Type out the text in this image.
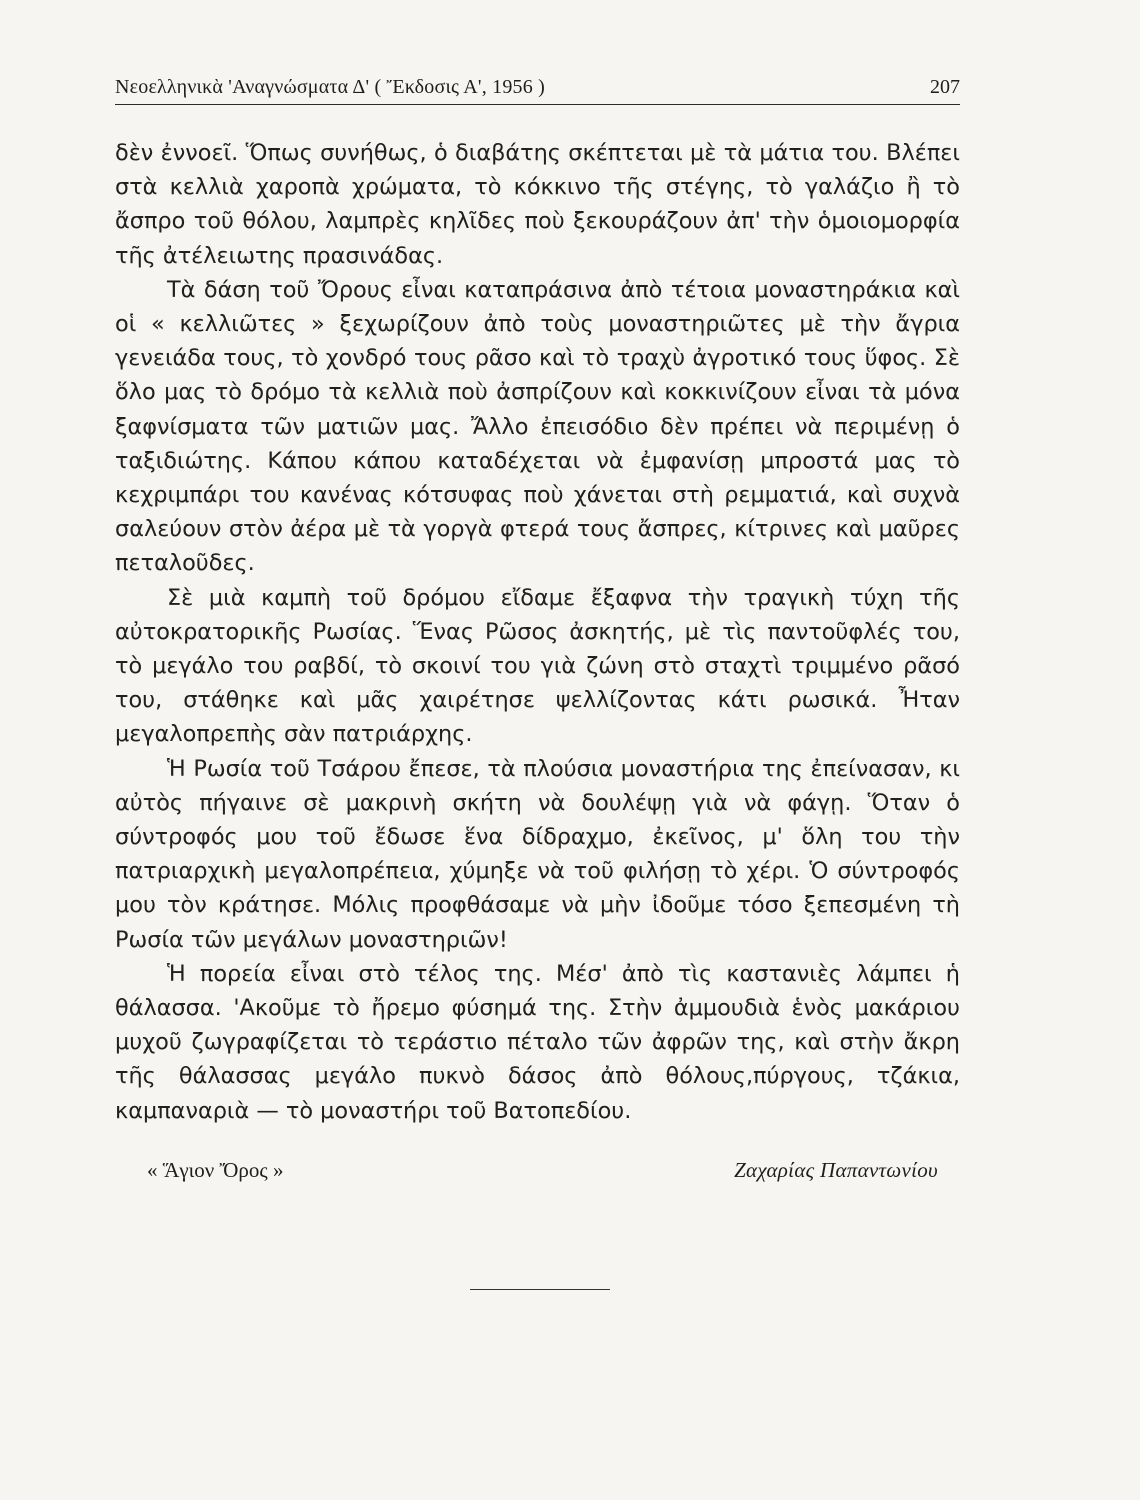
Νεοελληνικὰ 'Αναγνώσματα Δ' ( Ἔκδοσις Α', 1956 )	207

δὲν ἐννοεῖ. Ὅπως συνήθως, ὁ διαβάτης σκέπτεται μὲ τὰ μάτια του. Βλέπει στὰ κελλιὰ χαροπὰ χρώματα, τὸ κόκκινο τῆς στέγης, τὸ γαλάζιο ἢ τὸ ἄσπρο τοῦ θόλου, λαμπρὲς κηλῖδες ποὺ ξεκουράζουν ἀπ' τὴν ὁμοιομορφία τῆς ἀτέλειωτης πρασινάδας.

Τὰ δάση τοῦ Ὄρους εἶναι καταπράσινα ἀπὸ τέτοια μοναστηράκια καὶ οἱ « κελλιῶτες » ξεχωρίζουν ἀπὸ τοὺς μοναστηριῶτες μὲ τὴν ἄγρια γενειάδα τους, τὸ χονδρό τους ρᾶσο καὶ τὸ τραχὺ ἀγροτικό τους ὕφος. Σὲ ὅλο μας τὸ δρόμο τὰ κελλιὰ ποὺ ἀσπρίζουν καὶ κοκκινίζουν εἶναι τὰ μόνα ξαφνίσματα τῶν ματιῶν μας. Ἄλλο ἐπεισόδιο δὲν πρέπει νὰ περιμένῃ ὁ ταξιδιώτης. Κάπου κάπου καταδέχεται νὰ ἐμφανίσῃ μπροστά μας τὸ κεχριμπάρι του κανένας κότσυφας ποὺ χάνεται στὴ ρεμματιά, καὶ συχνὰ σαλεύουν στὸν ἀέρα μὲ τὰ γοργὰ φτερά τους ἄσπρες, κίτρινες καὶ μαῦρες πεταλοῦδες.

Σὲ μιὰ καμπὴ τοῦ δρόμου εἴδαμε ἔξαφνα τὴν τραγικὴ τύχη τῆς αὐτοκρατορικῆς Ρωσίας. Ἕνας Ρῶσος ἀσκητής, μὲ τὶς παντοῦφλές του, τὸ μεγάλο του ραβδί, τὸ σκοινί του γιὰ ζώνη στὸ σταχτὶ τριμμένο ρᾶσό του, στάθηκε καὶ μᾶς χαιρέτησε ψελλίζοντας κάτι ρωσικά. Ἦταν μεγαλοπρεπὴς σὰν πατριάρχης.

Ἡ Ρωσία τοῦ Τσάρου ἔπεσε, τὰ πλούσια μοναστήρια της ἐπείνασαν, κι αὐτὸς πήγαινε σὲ μακρινὴ σκήτη νὰ δουλέψῃ γιὰ νὰ φάγῃ. Ὅταν ὁ σύντροφός μου τοῦ ἔδωσε ἕνα δίδραχμο, ἐκεῖνος, μ' ὅλη του τὴν πατριαρχικὴ μεγαλοπρέπεια, χύμηξε νὰ τοῦ φιλήσῃ τὸ χέρι. Ὁ σύντροφός μου τὸν κράτησε. Μόλις προφθάσαμε νὰ μὴν ἰδοῦμε τόσο ξεπεσμένη τὴ Ρωσία τῶν μεγάλων μοναστηριῶν!

Ἡ πορεία εἶναι στὸ τέλος της. Μέσ' ἀπὸ τὶς καστανιὲς λάμπει ἡ θάλασσα. 'Ακοῦμε τὸ ἤρεμο φύσημά της. Στὴν ἀμμουδιὰ ἑνὸς μακάριου μυχοῦ ζωγραφίζεται τὸ τεράστιο πέταλο τῶν ἀφρῶν της, καὶ στὴν ἄκρη τῆς θάλασσας μεγάλο πυκνὸ δάσος ἀπὸ θόλους,πύργους, τζάκια, καμπαναριὰ — τὸ μοναστήρι τοῦ Βατοπεδίου.

« Ἅγιον Ὄρος »	Ζαχαρίας Παπαντωνίου
